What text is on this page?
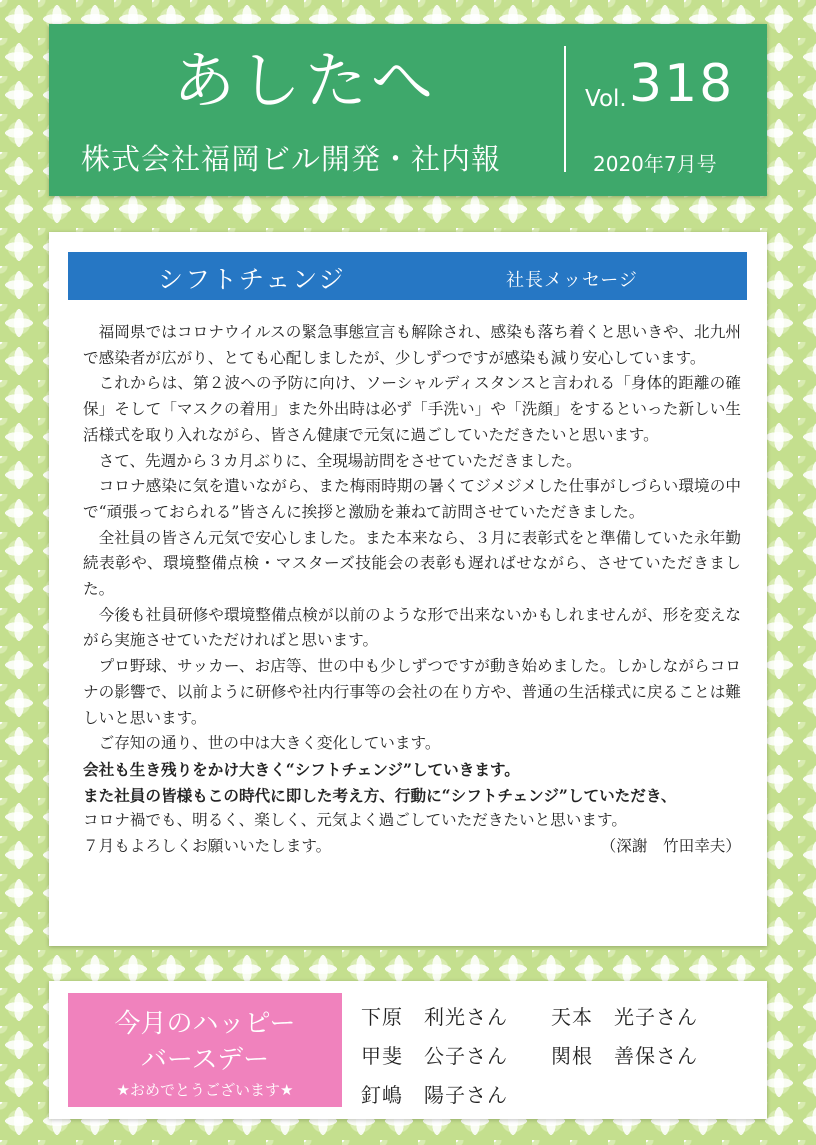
あしたへ
株式会社福岡ビル開発・社内報
Vol. 318
2020年7月号
シフトチェンジ	社長メッセージ

福岡県ではコロナウイルスの緊急事態宣言も解除され、感染も落ち着くと思いきや、北九州で感染者が広がり、とても心配しましたが、少しずつですが感染も減り安心しています。

これからは、第２波への予防に向け、ソーシャルディスタンスと言われる「身体的距離の確保」そして「マスクの着用」また外出時は必ず「手洗い」や「洗顔」をするといった新しい生活様式を取り入れながら、皆さん健康で元気に過ごしていただきたいと思います。

さて、先週から３カ月ぶりに、全現場訪問をさせていただきました。

コロナ感染に気を遣いながら、また梅雨時期の暑くてジメジメした仕事がしづらい環境の中で“頑張っておられる”皆さんに挨拶と激励を兼ねて訪問させていただきました。

全社員の皆さん元気で安心しました。また本来なら、３月に表彰式をと準備していた永年勤続表彰や、環境整備点検・マスターズ技能会の表彰も遅ればせながら、させていただきました。

今後も社員研修や環境整備点検が以前のような形で出来ないかもしれませんが、形を変えながら実施させていただければと思います。

プロ野球、サッカー、お店等、世の中も少しずつですが動き始めました。しかしながらコロナの影響で、以前ように研修や社内行事等の会社の在り方や、普通の生活様式に戻ることは難しいと思います。

ご存知の通り、世の中は大きく変化しています。

会社も生き残りをかけ大きく“シフトチェンジ”していきます。

また社員の皆様もこの時代に即した考え方、行動に“シフトチェンジ”していただき、

コロナ禍でも、明るく、楽しく、元気よく過ごしていただきたいと思います。

７月もよろしくお願いいたします。	（深謝　竹田幸夫）
今月のハッピー
バースデー
★おめでとうございます★
下原　利光さん 天本　光子さん
甲斐　公子さん 関根　善保さん
釘嶋　陽子さん
